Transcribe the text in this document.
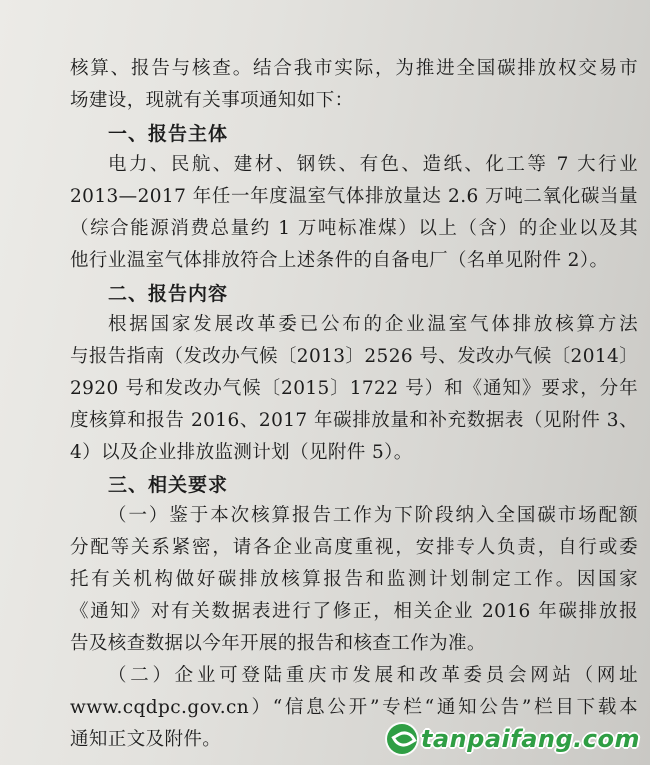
核算、报告与核查。结合我市实际，为推进全国碳排放权交易市
场建设，现就有关事项通知如下：
一、报告主体
电力、民航、建材、钢铁、有色、造纸、化工等 7 大行业
2013—2017 年任一年度温室气体排放量达 2.6 万吨二氧化碳当量
（综合能源消费总量约 1 万吨标准煤）以上（含）的企业以及其
他行业温室气体排放符合上述条件的自备电厂（名单见附件 2）。
二、报告内容
根据国家发展改革委已公布的企业温室气体排放核算方法
与报告指南（发改办气候〔2013〕2526 号、发改办气候〔2014〕
2920 号和发改办气候〔2015〕1722 号）和《通知》要求，分年
度核算和报告 2016、2017 年碳排放量和补充数据表（见附件 3、
4）以及企业排放监测计划（见附件 5）。
三、相关要求
（一）鉴于本次核算报告工作为下阶段纳入全国碳市场配额
分配等关系紧密，请各企业高度重视，安排专人负责，自行或委
托有关机构做好碳排放核算报告和监测计划制定工作。因国家
《通知》对有关数据表进行了修正，相关企业 2016 年碳排放报
告及核查数据以今年开展的报告和核查工作为准。
（二）企业可登陆重庆市发展和改革委员会网站（网址
www.cqdpc.gov.cn）“信息公开”专栏“通知公告”栏目下载本
通知正文及附件。	tanpaifang.com
